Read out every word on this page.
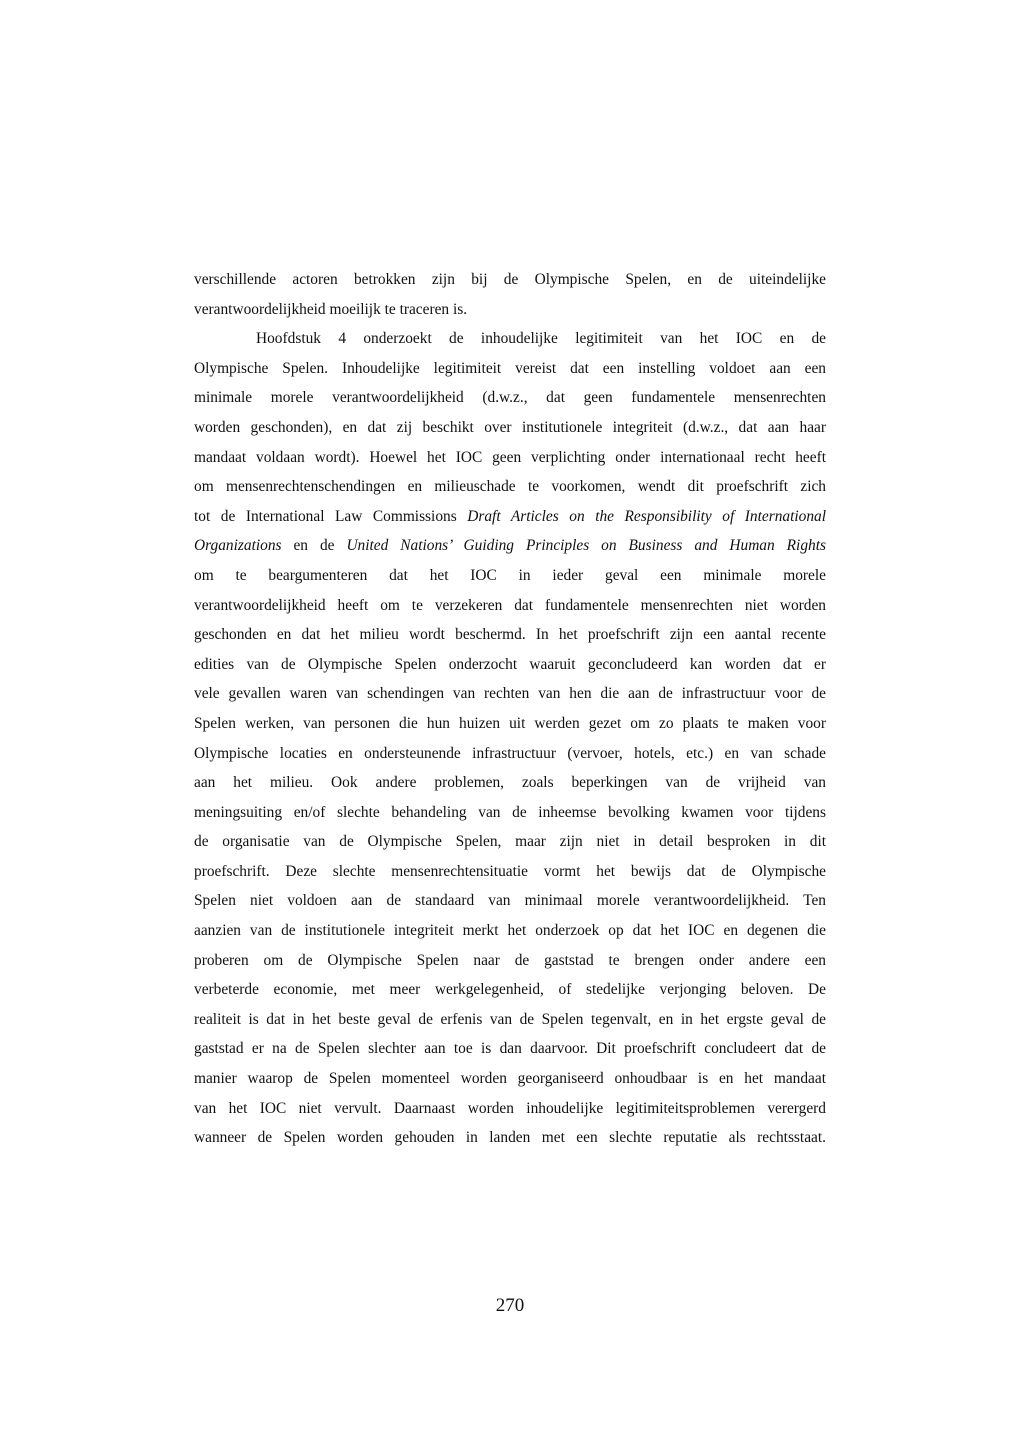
verschillende actoren betrokken zijn bij de Olympische Spelen, en de uiteindelijke
verantwoordelijkheid moeilijk te traceren is.

Hoofdstuk 4 onderzoekt de inhoudelijke legitimiteit van het IOC en de
Olympische Spelen. Inhoudelijke legitimiteit vereist dat een instelling voldoet aan een
minimale morele verantwoordelijkheid (d.w.z., dat geen fundamentele mensenrechten
worden geschonden), en dat zij beschikt over institutionele integriteit (d.w.z., dat aan haar
mandaat voldaan wordt). Hoewel het IOC geen verplichting onder internationaal recht heeft
om mensenrechtenschendingen en milieuschade te voorkomen, wendt dit proefschrift zich
tot de International Law Commissions Draft Articles on the Responsibility of International
Organizations en de United Nations’ Guiding Principles on Business and Human Rights
om te beargumenteren dat het IOC in ieder geval een minimale morele
verantwoordelijkheid heeft om te verzekeren dat fundamentele mensenrechten niet worden
geschonden en dat het milieu wordt beschermd. In het proefschrift zijn een aantal recente
edities van de Olympische Spelen onderzocht waaruit geconcludeerd kan worden dat er
vele gevallen waren van schendingen van rechten van hen die aan de infrastructuur voor de
Spelen werken, van personen die hun huizen uit werden gezet om zo plaats te maken voor
Olympische locaties en ondersteunende infrastructuur (vervoer, hotels, etc.) en van schade
aan het milieu. Ook andere problemen, zoals beperkingen van de vrijheid van
meningsuiting en/of slechte behandeling van de inheemse bevolking kwamen voor tijdens
de organisatie van de Olympische Spelen, maar zijn niet in detail besproken in dit
proefschrift. Deze slechte mensenrechtensituatie vormt het bewijs dat de Olympische
Spelen niet voldoen aan de standaard van minimaal morele verantwoordelijkheid. Ten
aanzien van de institutionele integriteit merkt het onderzoek op dat het IOC en degenen die
proberen om de Olympische Spelen naar de gaststad te brengen onder andere een
verbeterde economie, met meer werkgelegenheid, of stedelijke verjonging beloven. De
realiteit is dat in het beste geval de erfenis van de Spelen tegenvalt, en in het ergste geval de
gaststad er na de Spelen slechter aan toe is dan daarvoor. Dit proefschrift concludeert dat de
manier waarop de Spelen momenteel worden georganiseerd onhoudbaar is en het mandaat
van het IOC niet vervult. Daarnaast worden inhoudelijke legitimiteitsproblemen verergerd
wanneer de Spelen worden gehouden in landen met een slechte reputatie als rechtsstaat.

270
